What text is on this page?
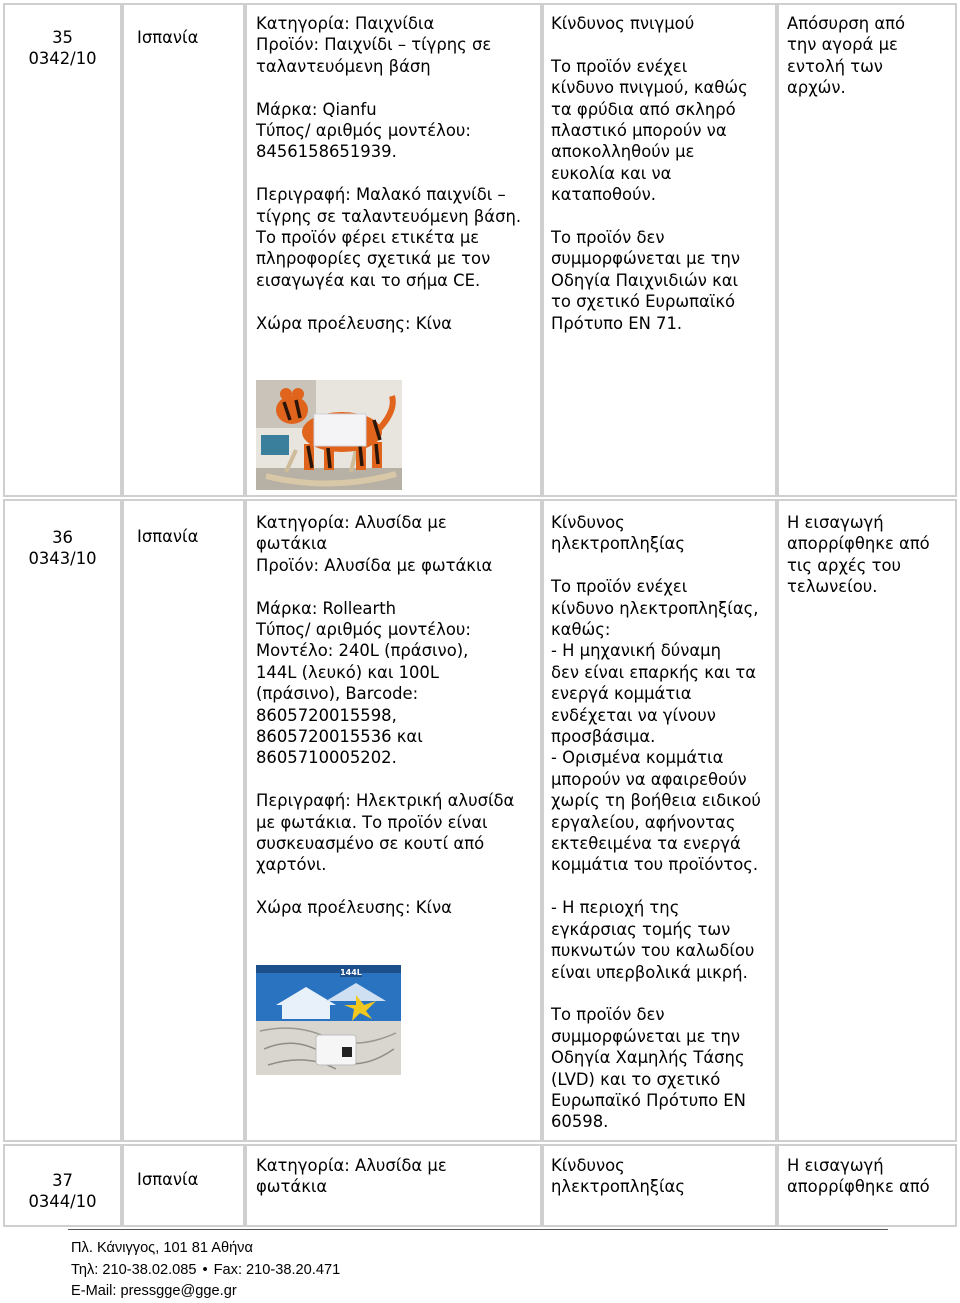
35
0342/10
Ισπανία
Κατηγορία: Παιχνίδια
Προϊόν: Παιχνίδι – τίγρης σε
ταλαντευόμενη βάση
Μάρκα: Qianfu
Τύπος/ αριθμός μοντέλου:
8456158651939.
Περιγραφή: Μαλακό παιχνίδι –
τίγρης σε ταλαντευόμενη βάση.
Το προϊόν φέρει ετικέτα με
πληροφορίες σχετικά με τον
εισαγωγέα και το σήμα CE.
Χώρα προέλευσης: Κίνα
Κίνδυνος πνιγμού
Το προϊόν ενέχει
κίνδυνο πνιγμού, καθώς
τα φρύδια από σκληρό
πλαστικό μπορούν να
αποκολληθούν με
ευκολία και να
καταποθούν.
Το προϊόν δεν
συμμορφώνεται με την
Οδηγία Παιχνιδιών και
το σχετικό Ευρωπαϊκό
Πρότυπο ΕΝ 71.
Απόσυρση από
την αγορά με
εντολή των
αρχών.
36
0343/10
Ισπανία
Κατηγορία: Αλυσίδα με
φωτάκια
Προϊόν: Αλυσίδα με φωτάκια
Μάρκα: Rollearth
Τύπος/ αριθμός μοντέλου:
Μοντέλο: 240L (πράσινο),
144L (λευκό) και 100L
(πράσινο), Barcode:
8605720015598,
8605720015536 και
8605710005202.
Περιγραφή: Ηλεκτρική αλυσίδα
με φωτάκια. Το προϊόν είναι
συσκευασμένο σε κουτί από
χαρτόνι.
Χώρα προέλευσης: Κίνα
Κίνδυνος
ηλεκτροπληξίας
Το προϊόν ενέχει
κίνδυνο ηλεκτροπληξίας,
καθώς:
- Η μηχανική δύναμη
δεν είναι επαρκής και τα
ενεργά κομμάτια
ενδέχεται να γίνουν
προσβάσιμα.
- Ορισμένα κομμάτια
μπορούν να αφαιρεθούν
χωρίς τη βοήθεια ειδικού
εργαλείου, αφήνοντας
εκτεθειμένα τα ενεργά
κομμάτια του προϊόντος.
- Η περιοχή της
εγκάρσιας τομής των
πυκνωτών του καλωδίου
είναι υπερβολικά μικρή.
Το προϊόν δεν
συμμορφώνεται με την
Οδηγία Χαμηλής Τάσης
(LVD) και το σχετικό
Ευρωπαϊκό Πρότυπο ΕΝ
60598.
Η εισαγωγή
απορρίφθηκε από
τις αρχές του
τελωνείου.
144L
37
0344/10
Ισπανία
Κατηγορία: Αλυσίδα με
φωτάκια
Κίνδυνος
ηλεκτροπληξίας
Η εισαγωγή
απορρίφθηκε από
Πλ. Κάνιγγος, 101 81 Αθήνα
Τηλ: 210-38.02.085 • Fax: 210-38.20.471
E-Mail: pressgge@gge.gr
